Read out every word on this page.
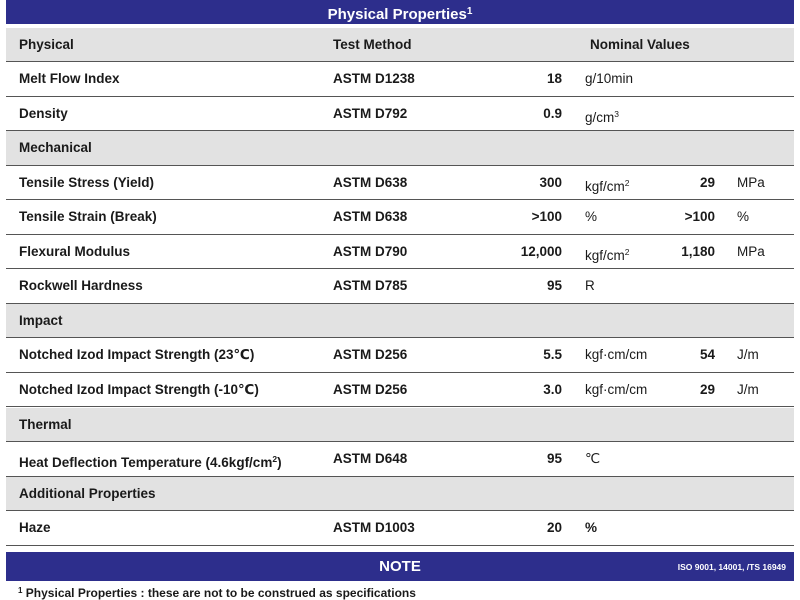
Physical Properties$^1$
Physical	Test Method	Nominal Values
Melt Flow Index	ASTM D1238	18 g/10min
Density	ASTM D792	0.9 $g/cm^3$
Mechanical
Tensile Stress (Yield)	ASTM D638	300 kgf/$cm^2$	29 MPa
Tensile Strain (Break)	ASTM D638	>100 %	>100 %
Flexural Modulus	ASTM D790	12,000 kgf/$cm^2$	1,180 MPa
Rockwell Hardness	ASTM D785	95 R
Impact
Notched Izod Impact Strength (23℃)	ASTM D256	5.5 kgf·cm/cm	54 J/m
Notched Izod Impact Strength (-10℃)	ASTM D256	3.0 kgf·cm/cm	29 J/m
Thermal
Heat Deflection Temperature $(4.6kgf/cm^2)$	ASTM D648	95 ℃
Additional Properties
Haze	ASTM D1003	20 %
NOTE	ISO 9001, 14001, /TS 16949
$^1$ Physical Properties : these are not to be construed as specifications
